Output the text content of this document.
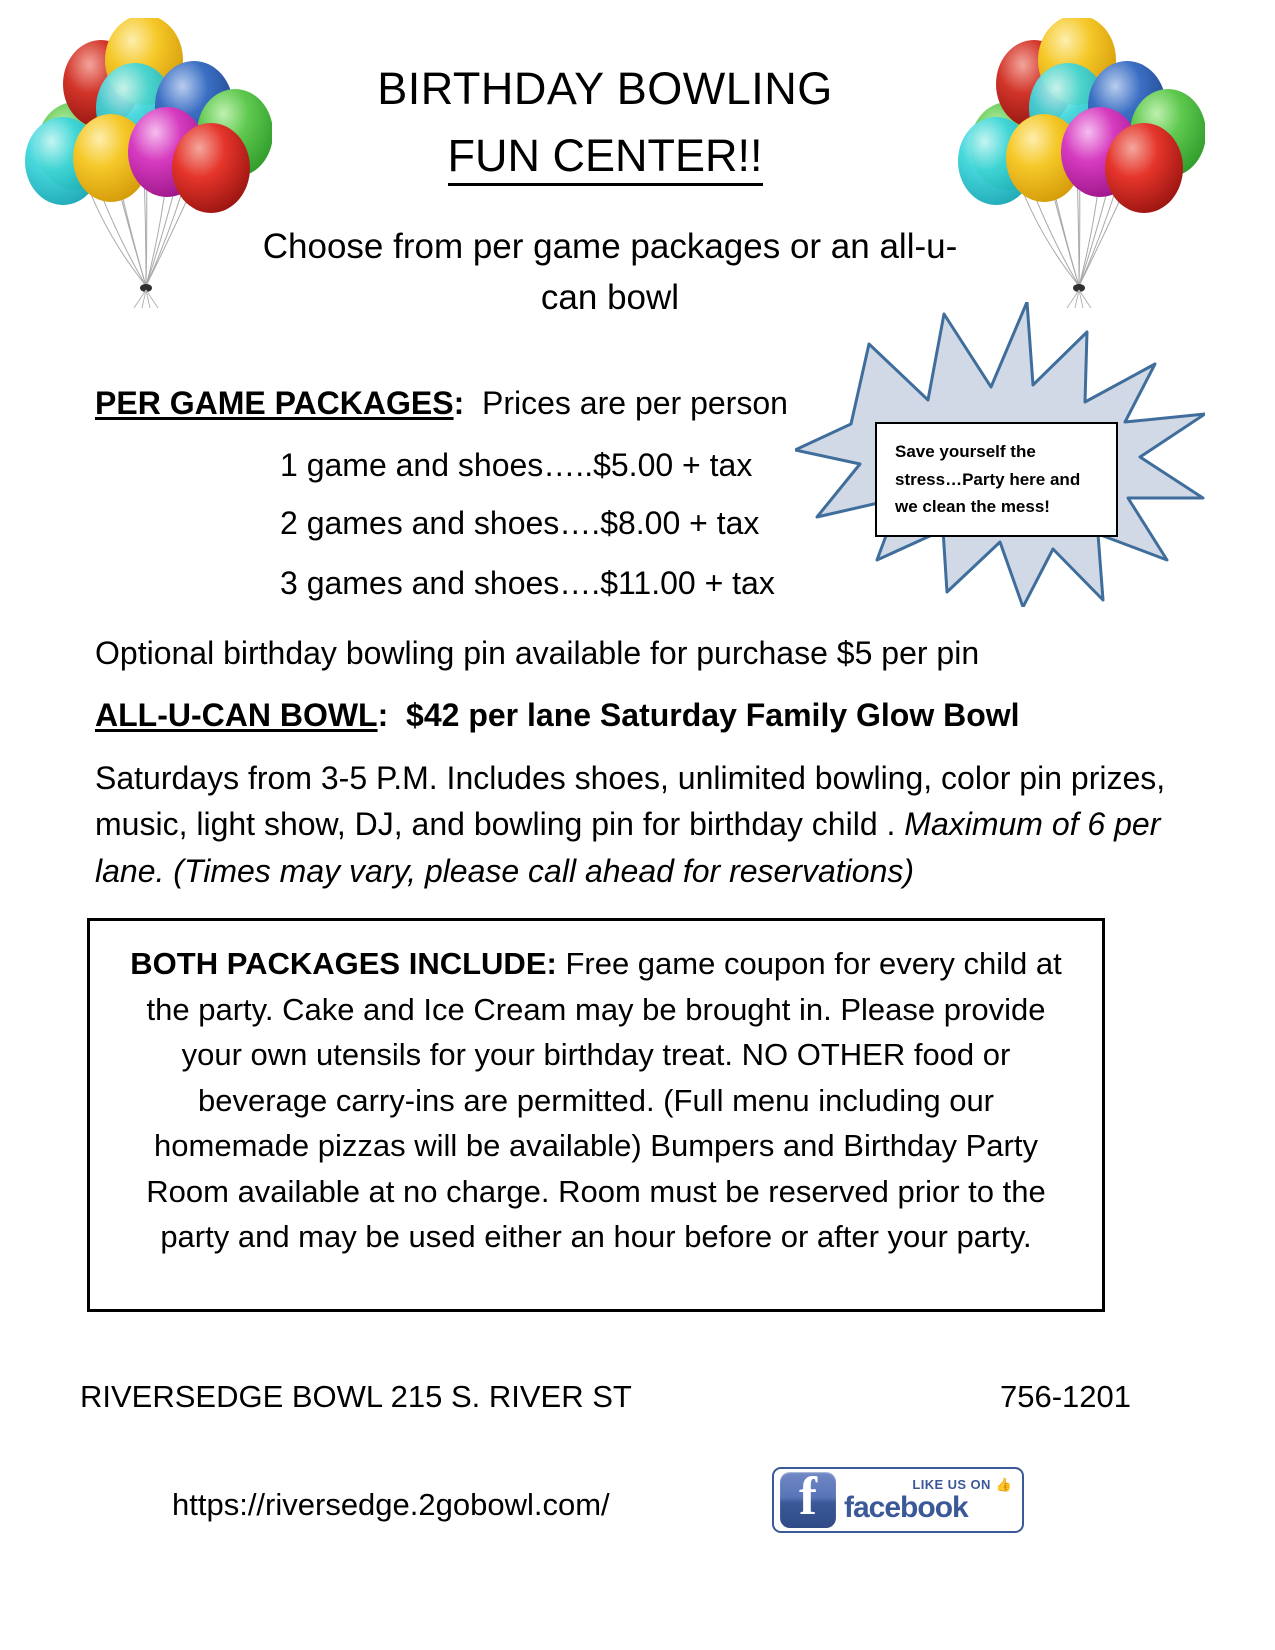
BIRTHDAY BOWLING
FUN CENTER!!
Choose from per game packages or an all-u-can bowl
PER GAME PACKAGES:  Prices are per person
1 game and shoes…..$5.00 + tax
2 games and shoes….$8.00 + tax
3 games and shoes….$11.00 + tax
Optional birthday bowling pin available for purchase $5 per pin
ALL-U-CAN BOWL:  $42 per lane Saturday Family Glow Bowl
Saturdays from 3-5 P.M. Includes shoes, unlimited bowling, color pin prizes, music, light show, DJ, and bowling pin for birthday child . Maximum of 6 per lane. (Times may vary, please call ahead for reservations)
Save yourself the stress…Party here and we clean the mess!
BOTH PACKAGES INCLUDE: Free game coupon for every child at the party. Cake and Ice Cream may be brought in. Please provide your own utensils for your birthday treat. NO OTHER food or beverage carry-ins are permitted. (Full menu including our homemade pizzas will be available) Bumpers and Birthday Party Room available at no charge. Room must be reserved prior to the party and may be used either an hour before or after your party.
RIVERSEDGE BOWL 215 S. RIVER ST	756-1201
https://riversedge.2gobowl.com/
f
LIKE US ON 👍
facebook
